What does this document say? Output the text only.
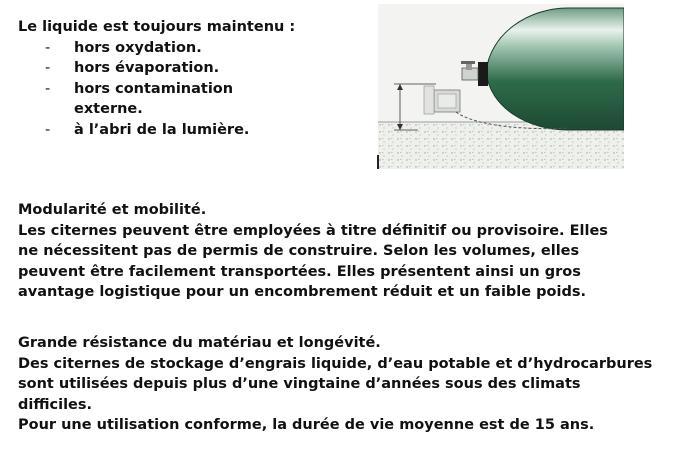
Le liquide est toujours maintenu :
- hors oxydation.
- hors évaporation.
- hors contamination externe.
- à l’abri de la lumière.

Modularité et mobilité.

Les citernes peuvent être employées à titre définitif ou provisoire. Elles

ne nécessitent pas de permis de construire. Selon les volumes, elles

peuvent être facilement transportées. Elles présentent ainsi un gros

avantage logistique pour un encombrement réduit et un faible poids.

Grande résistance du matériau et longévité.

Des citernes de stockage d’engrais liquide, d’eau potable et d’hydrocarbures

sont utilisées depuis plus d’une vingtaine d’années sous des climats

difficiles.

Pour une utilisation conforme, la durée de vie moyenne est de 15 ans.
